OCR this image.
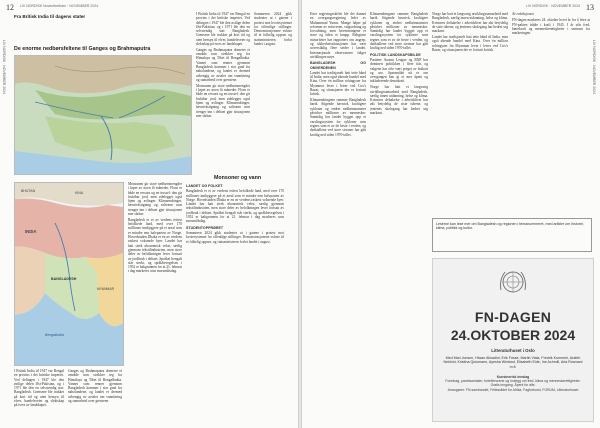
12 LIV NORDISK Novemberbarn · NOVEMBER 2024
LIV NORDISK · NOVEMBER 2024
Fra Britisk India til dagens stater
De enorme nedbørsfeltene til Ganges og Brahmaputra
Monsoner og vann
BHUTAN	KINA
INDIA
BANGLADESH
MYANMAR
Bengalbukta

I Britisk India til 1947 var Bengal en provins i det britiske imperiet. Ved delingen i 1947 ble den østlige delen Øst-Pakistan, og i 1971 ble den en selvstendig stat: Bangladesh. Grensene ble trukket på kort tid og uten hensyn til elver, handelsveier og slektskap på tvers av landskapet.

Ganges og Brahmaputra drenerer et område som strekker seg fra Himalaya og Tibet til Bengalbukta. Vannet som renner gjennom Bangladesh kommer i stor grad fra nabolandene, og landet er dermed avhengig av avtaler om vannføring og samarbeid over grensene.

Monsunen gir store nedbørsmengder i løpet av noen få måneder. Flom er både en ressurs og en trussel: den gir fruktbar jord, men ødelegger også hjem og avlinger. Klimaendringer, havnivåstigning og saltvann som trenger inn i deltaet gjør situasjonen mer sårbar.

Bangladesh er et av verdens tettest befolkede land, med over 170 millioner innbyggere på et areal som er mindre enn halvparten av Norge. Hovedstaden Dhaka er en av verdens raskest voksende byer. Landet har hatt sterk økonomisk vekst, særlig gjennom tekstilindustrien, men store deler av befolkningen lever fortsatt av jordbruk i deltaet. Språket bengali står sterkt, og språkbevegelsen i 1952 er bakgrunnen for at 21. februar i dag markeres som morsmålsdag.

I Britisk India til 1947 var Bengal en provins i det britiske imperiet. Ved delingen i 1947 ble den østlige delen Øst-Pakistan, og i 1971 ble den en selvstendig stat: Bangladesh. Grensene ble trukket på kort tid og uten hensyn til elver, handelsveier og slektskap på tvers av landskapet.

Ganges og Brahmaputra drenerer et område som strekker seg fra Himalaya og Tibet til Bengalbukta. Vannet som renner gjennom Bangladesh kommer i stor grad fra nabolandene, og landet er dermed avhengig av avtaler om vannføring og samarbeid over grensene.

Monsunen gir store nedbørsmengder i løpet av noen få måneder. Flom er både en ressurs og en trussel: den gir fruktbar jord, men ødelegger også hjem og avlinger. Klimaendringer, havnivåstigning og saltvann som trenger inn i deltaet gjør situasjonen mer sårbar.

LANDET OG FOLKET

Bangladesh er et av verdens tettest befolkede land, med over 170 millioner innbyggere på et areal som er mindre enn halvparten av Norge. Hovedstaden Dhaka er en av verdens raskest voksende byer. Landet har hatt sterk økonomisk vekst, særlig gjennom tekstilindustrien, men store deler av befolkningen lever fortsatt av jordbruk i deltaet. Språket bengali står sterkt, og språkbevegelsen i 1952 er bakgrunnen for at 21. februar i dag markeres som morsmålsdag.

STUDENTOPPRØRET

Sommeren 2024 gikk studenter ut i gatene i protest mot kvotesystemet for offentlige stillinger. Demonstrasjonene vokste til et folkelig opprør, og statsministeren forlot landet i august.

Sommeren 2024 gikk studenter ut i gatene i protest mot kvotesystemet for offentlige stillinger. Demonstrasjonene vokste til et folkelig opprør, og statsministeren forlot landet i august.

13
LIV NORDISK · NOVEMBER 2024
LIV NORDISK · NOVEMBER 2024

Etter regjeringsskiftet ble det dannet en overgangsregjering ledet av Muhammad Yunus. Mange håper på reformer av rettsvesen, valgordning og forvaltning, men forventningene er store og tiden er knapp. Religiøse minoriteter har rapportert om angrep, og sikkerhetssituasjonen har vært uoversiktlig flere steder i landet. Internasjonale observatører følger utviklingen nøye.

BANGLADESH OG OMVERDENEN

Landet har tradisjonelt hatt tette bånd til India, men også økende handel med Kina. Over én million rohingyaer fra Myanmar lever i leirer ved Cox's Bazar, og situasjonen der er fortsatt kritisk.

Klimaendringene rammer Bangladesh hardt. Stigende havnivå, kraftigere sykloner og endret nedbørsmønster påvirker millioner av mennesker. Samtidig har landet bygget opp et varslingssystem for sykloner som regnes som et av de beste i verden, og dødstallene ved store stormer har gått kraftig ned siden 1970-tallet.

Klimaendringene rammer Bangladesh hardt. Stigende havnivå, kraftigere sykloner og endret nedbørsmønster påvirker millioner av mennesker. Samtidig har landet bygget opp et varslingssystem for sykloner som regnes som et av de beste i verden, og dødstallene ved store stormer har gått kraftig ned siden 1970-tallet.

POLITISK LANDSKAPSBILDE

Partiene Awami League og BNP har dominert politikken i flere tiår, og valgene har ofte vært preget av boikott og uro. Spørsmålet nå er om overgangen kan gi et mer åpent og inkluderende demokrati.

Norge har hatt et langvarig utviklingssamarbeid med Bangladesh, særlig innen utdanning, helse og klima. Kvinners deltakelse i arbeidslivet har økt betydelig de siste tiårene, og jentenes skolegang har bedret seg markant.

Norge har hatt et langvarig utviklingssamarbeid med Bangladesh, særlig innen utdanning, helse og klima. Kvinners deltakelse i arbeidslivet har økt betydelig de siste tiårene, og jentenes skolegang har bedret seg markant.

Landet har tradisjonelt hatt tette bånd til India, men også økende handel med Kina. Over én million rohingyaer fra Myanmar lever i leirer ved Cox's Bazar, og situasjonen der er fortsatt kritisk.

Av redaksjonen

FN-dagen markeres 24. oktober hvert år for å feire at FN-pakten trådte i kraft i 1945. I år står fred, bærekraft og menneskerettigheter i sentrum for markeringen.

Leserne kan lese mer om Bangladesh og regionen i temanummeret, med artikler om historie, klima, politikk og kultur.
FN-DAGEN
24.OKTOBER 2024
Litteraturhuset i Oslo
Med Mari Jonsen, Hiwan Alinadini, Erik Fosse, Martin Viala, Fredrik Kommeh, Arafeh Nekhini, Kristina Quiumann, Ayesha Winland, Elisabeth Eide, Ine Achmill, Aria Rosmani m.fl.
Kunstnerisk innslag
Foredrag, panelsamtaler, fortellerscene og innlegg om fred, klima og menneskerettigheter.
Gratis inngang. Åpent for alle.
Arrangører: FN-sambandet, Fellesrådet for Afrika, Fagforbund, FORUM, Litteraturhuset
